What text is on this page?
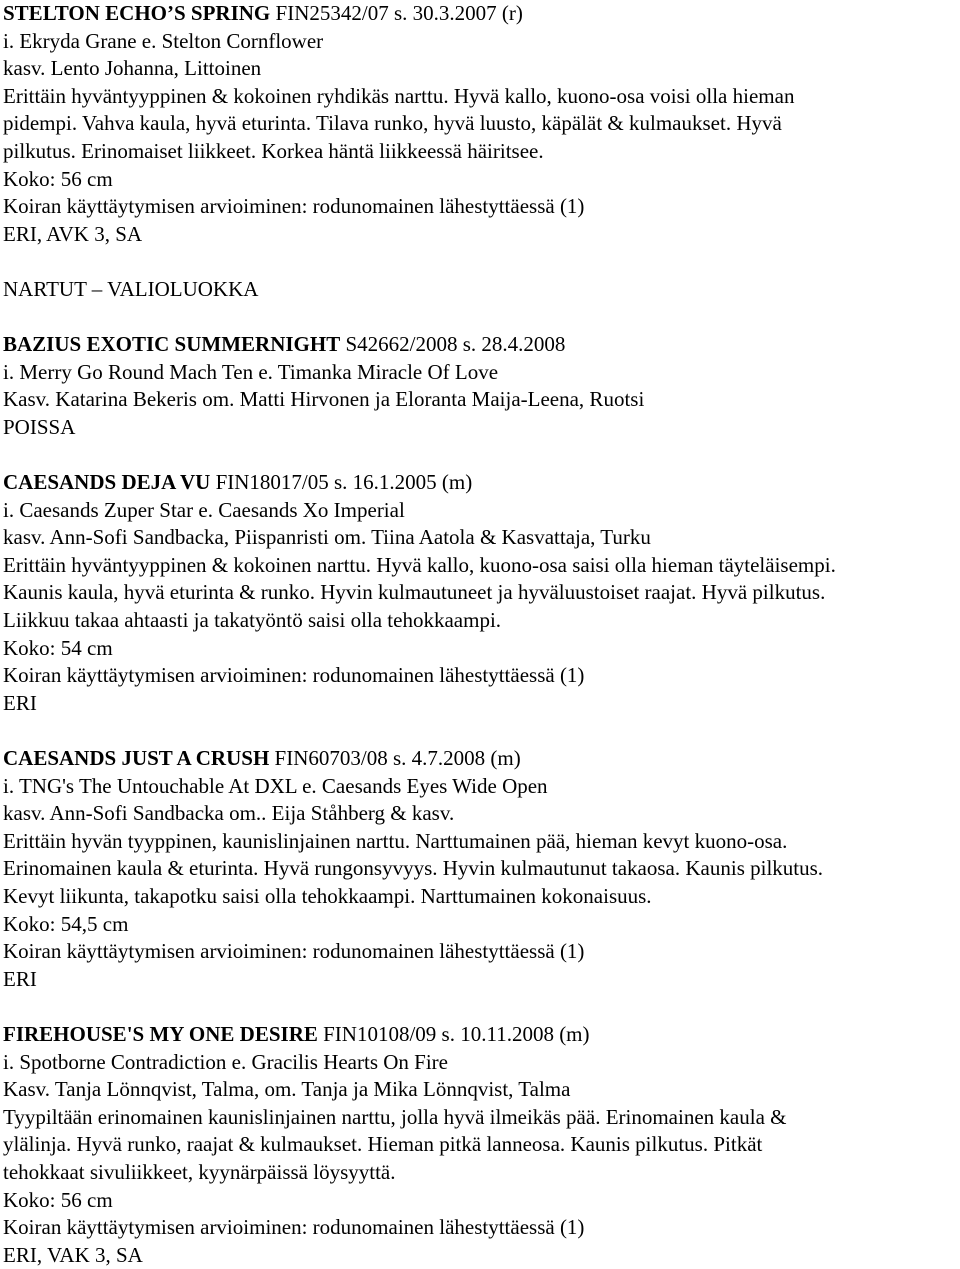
STELTON ECHO’S SPRING FIN25342/07 s. 30.3.2007 (r)
i. Ekryda Grane e. Stelton Cornflower
kasv. Lento Johanna, Littoinen
Erittäin hyväntyyppinen & kokoinen ryhdikäs narttu. Hyvä kallo, kuono-osa voisi olla hieman
pidempi. Vahva kaula, hyvä eturinta. Tilava runko, hyvä luusto, käpälät & kulmaukset. Hyvä
pilkutus. Erinomaiset liikkeet. Korkea häntä liikkeessä häiritsee.
Koko: 56 cm
Koiran käyttäytymisen arvioiminen: rodunomainen lähestyttäessä (1)
ERI, AVK 3, SA
NARTUT – VALIOLUOKKA
BAZIUS EXOTIC SUMMERNIGHT S42662/2008 s. 28.4.2008
i. Merry Go Round Mach Ten e. Timanka Miracle Of Love
Kasv. Katarina Bekeris om. Matti Hirvonen ja Eloranta Maija-Leena, Ruotsi
POISSA
CAESANDS DEJA VU FIN18017/05 s. 16.1.2005 (m)
i. Caesands Zuper Star e. Caesands Xo Imperial
kasv. Ann-Sofi Sandbacka, Piispanristi om. Tiina Aatola & Kasvattaja, Turku
Erittäin hyväntyyppinen & kokoinen narttu. Hyvä kallo, kuono-osa saisi olla hieman täyteläisempi.
Kaunis kaula, hyvä eturinta & runko. Hyvin kulmautuneet ja hyväluustoiset raajat. Hyvä pilkutus.
Liikkuu takaa ahtaasti ja takatyöntö saisi olla tehokkaampi.
Koko: 54 cm
Koiran käyttäytymisen arvioiminen: rodunomainen lähestyttäessä (1)
ERI
CAESANDS JUST A CRUSH FIN60703/08 s. 4.7.2008 (m)
i. TNG's The Untouchable At DXL e. Caesands Eyes Wide Open
kasv. Ann-Sofi Sandbacka om.. Eija Ståhberg & kasv.
Erittäin hyvän tyyppinen, kaunislinjainen narttu. Narttumainen pää, hieman kevyt kuono-osa.
Erinomainen kaula & eturinta. Hyvä rungonsyvyys. Hyvin kulmautunut takaosa. Kaunis pilkutus.
Kevyt liikunta, takapotku saisi olla tehokkaampi. Narttumainen kokonaisuus.
Koko: 54,5 cm
Koiran käyttäytymisen arvioiminen: rodunomainen lähestyttäessä (1)
ERI
FIREHOUSE'S MY ONE DESIRE FIN10108/09 s. 10.11.2008 (m)
i. Spotborne Contradiction e. Gracilis Hearts On Fire
Kasv. Tanja Lönnqvist, Talma, om. Tanja ja Mika Lönnqvist, Talma
Tyypiltään erinomainen kaunislinjainen narttu, jolla hyvä ilmeikäs pää. Erinomainen kaula &
ylälinja. Hyvä runko, raajat & kulmaukset. Hieman pitkä lanneosa. Kaunis pilkutus. Pitkät
tehokkaat sivuliikkeet, kyynärpäissä löysyyttä.
Koko: 56 cm
Koiran käyttäytymisen arvioiminen: rodunomainen lähestyttäessä (1)
ERI, VAK 3, SA
